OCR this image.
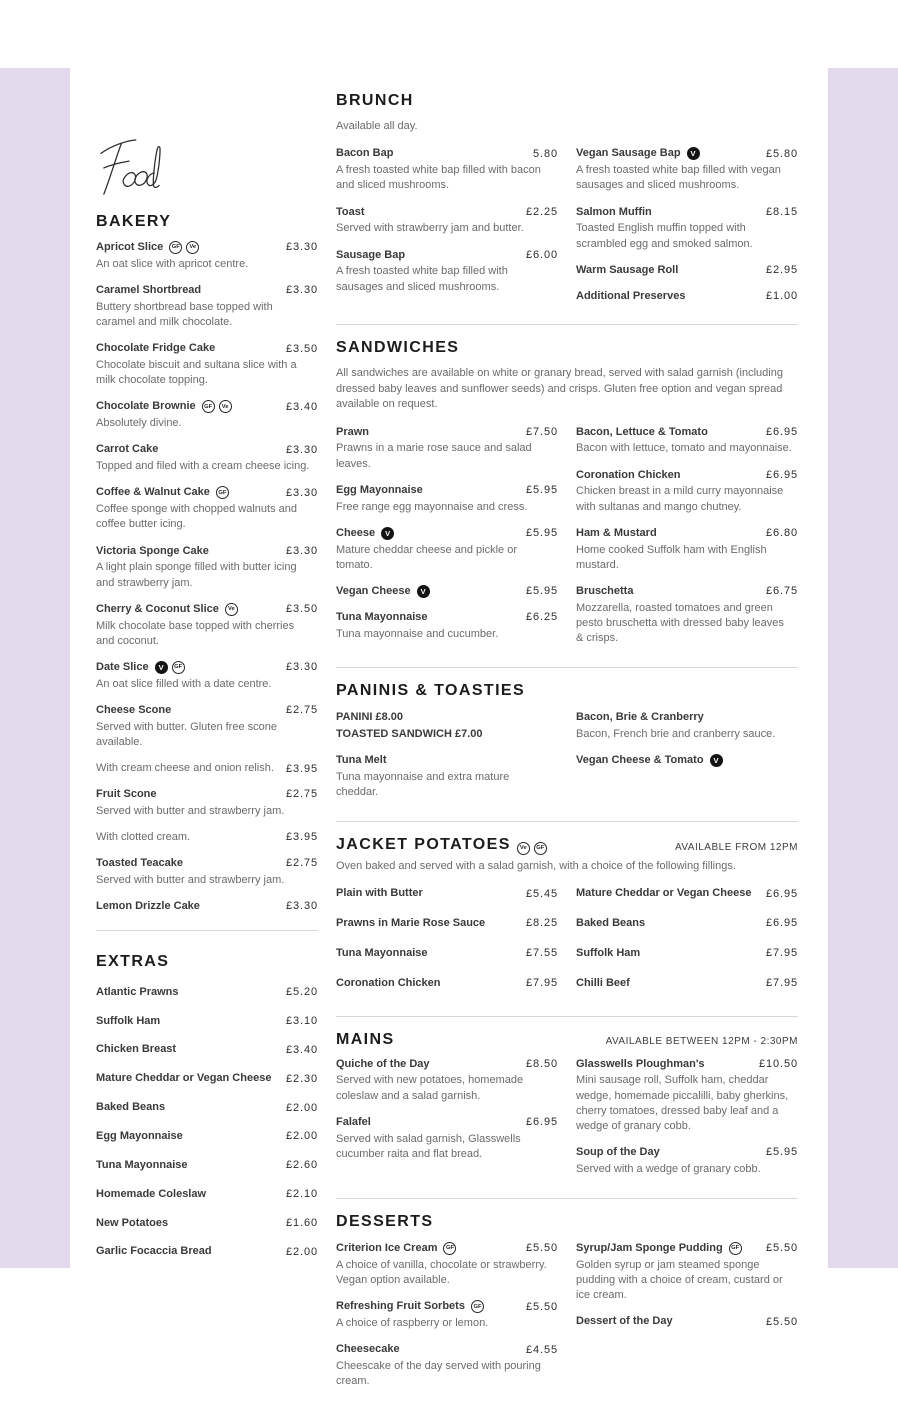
BAKERY
Apricot Slice	GF	Ve	£3.30
An oat slice with apricot centre.
Caramel Shortbread	£3.30
Buttery shortbread base topped with caramel and milk chocolate.
Chocolate Fridge Cake	£3.50
Chocolate biscuit and sultana slice with a milk chocolate topping.
Chocolate Brownie	GF	Ve	£3.40
Absolutely divine.
Carrot Cake	£3.30
Topped and filed with a cream cheese icing.
Coffee & Walnut Cake	GF	£3.30
Coffee sponge with chopped walnuts and coffee butter icing.
Victoria Sponge Cake	£3.30
A light plain sponge filled with butter icing and strawberry jam.
Cherry & Coconut Slice	Ve	£3.50
Milk chocolate base topped with cherries and coconut.
Date Slice	V	GF	£3.30
An oat slice filled with a date centre.
Cheese Scone	£2.75
Served with butter. Gluten free scone available.
With cream cheese and onion relish.	£3.95
Fruit Scone	£2.75
Served with butter and strawberry jam.
With clotted cream.	£3.95
Toasted Teacake	£2.75
Served with butter and strawberry jam.
Lemon Drizzle Cake	£3.30
EXTRAS
Atlantic Prawns	£5.20
Suffolk Ham	£3.10
Chicken Breast	£3.40
Mature Cheddar or Vegan Cheese	£2.30
Baked Beans	£2.00
Egg Mayonnaise	£2.00
Tuna Mayonnaise	£2.60
Homemade Coleslaw	£2.10
New Potatoes	£1.60
Garlic Focaccia Bread	£2.00
BRUNCH

Available all day.

Bacon Bap	5.80
A fresh toasted white bap filled with bacon and sliced mushrooms.
Toast	£2.25
Served with strawberry jam and butter.
Sausage Bap	£6.00
A fresh toasted white bap filled with sausages and sliced mushrooms.
Vegan Sausage Bap	V	£5.80
A fresh toasted white bap filled with vegan sausages and sliced mushrooms.
Salmon Muffin	£8.15
Toasted English muffin topped with scrambled egg and smoked salmon.
Warm Sausage Roll	£2.95
Additional Preserves	£1.00
SANDWICHES

All sandwiches are available on white or granary bread, served with salad garnish (including dressed baby leaves and sunflower seeds) and crisps. Gluten free option and vegan spread available on request.

Prawn	£7.50
Prawns in a marie rose sauce and salad leaves.
Egg Mayonnaise	£5.95
Free range egg mayonnaise and cress.
Cheese	V	£5.95
Mature cheddar cheese and pickle or tomato.
Vegan Cheese	V	£5.95
Tuna Mayonnaise	£6.25
Tuna mayonnaise and cucumber.
Bacon, Lettuce & Tomato	£6.95
Bacon with lettuce, tomato and mayonnaise.
Coronation Chicken	£6.95
Chicken breast in a mild curry mayonnaise with sultanas and mango chutney.
Ham & Mustard	£6.80
Home cooked Suffolk ham with English mustard.
Bruschetta	£6.75
Mozzarella, roasted tomatoes and green pesto bruschetta with dressed baby leaves & crisps.
PANINIS & TOASTIES
PANINI £8.00
TOASTED SANDWICH £7.00
Tuna Melt
Tuna mayonnaise and extra mature cheddar.
Bacon, Brie & Cranberry
Bacon, French brie and cranberry sauce.
Vegan Cheese & Tomato	V
JACKET POTATOES	Ve	GF	AVAILABLE FROM 12PM

Oven baked and served with a salad garnish, with a choice of the following fillings.

Plain with Butter	£5.45
Prawns in Marie Rose Sauce	£8.25
Tuna Mayonnaise	£7.55
Coronation Chicken	£7.95
Mature Cheddar or Vegan Cheese	£6.95
Baked Beans	£6.95
Suffolk Ham	£7.95
Chilli Beef	£7.95
MAINS	AVAILABLE BETWEEN 12PM - 2:30PM
Quiche of the Day	£8.50
Served with new potatoes, homemade coleslaw and a salad garnish.
Falafel	£6.95
Served with salad garnish, Glasswells cucumber raita and flat bread.
Glasswells Ploughman's	£10.50
Mini sausage roll, Suffolk ham, cheddar wedge, homemade piccalilli, baby gherkins, cherry tomatoes, dressed baby leaf and a wedge of granary cobb.
Soup of the Day	£5.95
Served with a wedge of granary cobb.
DESSERTS
Criterion Ice Cream	GF	£5.50
A choice of vanilla, chocolate or strawberry. Vegan option available.
Refreshing Fruit Sorbets	GF	£5.50
A choice of raspberry or lemon.
Cheesecake	£4.55
Cheescake of the day served with pouring cream.
Syrup/Jam Sponge Pudding	GF	£5.50
Golden syrup or jam steamed sponge pudding with a choice of cream, custard or ice cream.
Dessert of the Day	£5.50
